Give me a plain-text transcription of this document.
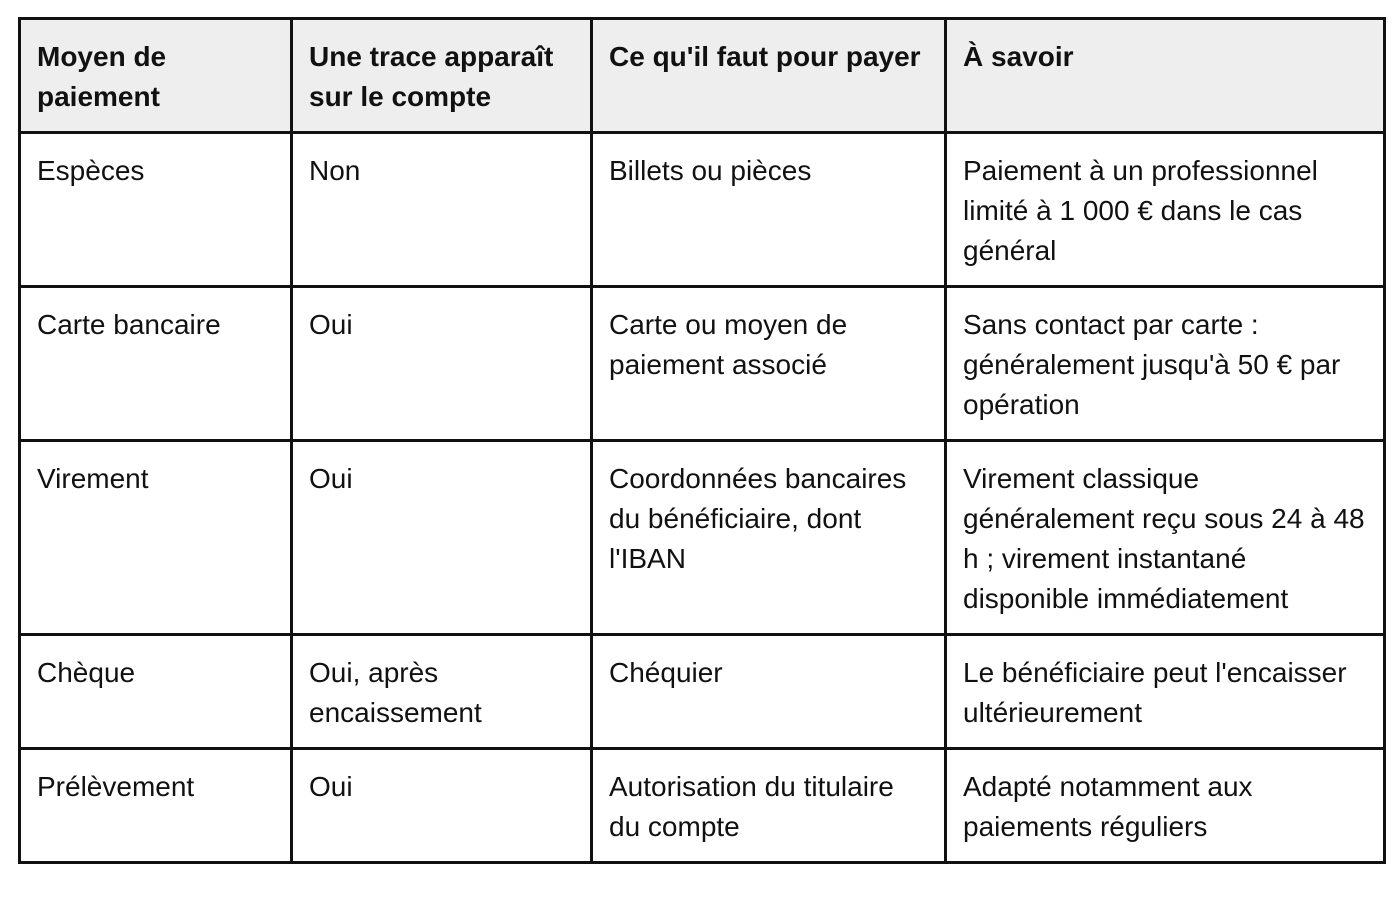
Moyen de paiement	Une trace apparaît sur le compte	Ce qu'il faut pour payer	À savoir
Espèces	Non	Billets ou pièces	Paiement à un professionnel limité à 1 000 € dans le cas général
Carte bancaire	Oui	Carte ou moyen de paiement associé	Sans contact par carte : généralement jusqu'à 50 € par opération
Virement	Oui	Coordonnées bancaires du bénéficiaire, dont l'IBAN	Virement classique généralement reçu sous 24 à 48 h ; virement instantané disponible immédiatement
Chèque	Oui, après encaissement	Chéquier	Le bénéficiaire peut l'encaisser ultérieurement
Prélèvement	Oui	Autorisation du titulaire du compte	Adapté notamment aux paiements réguliers
